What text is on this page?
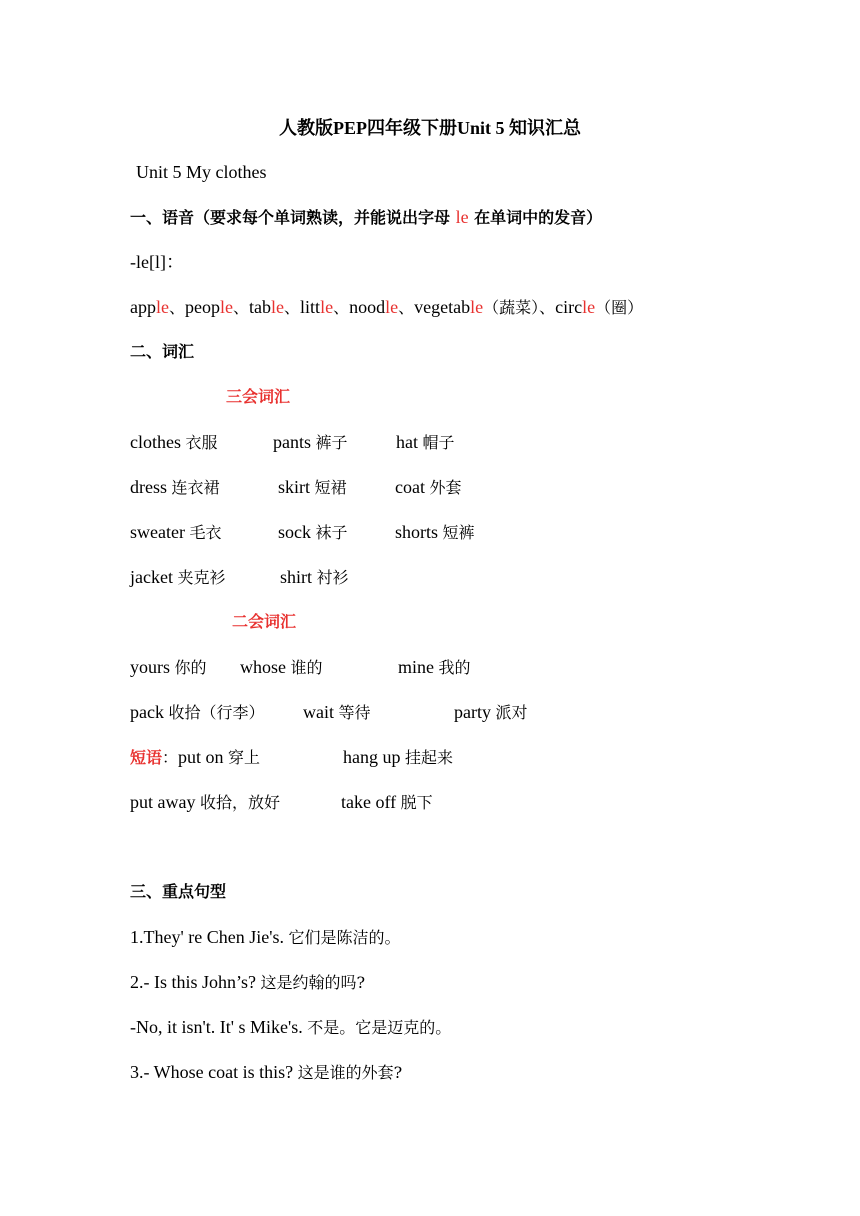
人教版PEP四年级下册Unit 5 知识汇总
Unit 5 My clothes
一、语音（要求每个单词熟读，并能说出字母 le 在单词中的发音）
-le[l]：
apple、people、table、little、noodle、vegetable（蔬菜）、circle（圈）
二、词汇
三会词汇
clothes 衣服	pants 裤子	hat 帽子
dress 连衣裙	skirt 短裙	coat 外套
sweater 毛衣	sock 袜子	shorts 短裤
jacket 夹克衫	shirt 衬衫
二会词汇
yours 你的 whose 谁的	mine 我的
pack 收拾（行李） wait 等待	party 派对
短语：put on 穿上	hang up 挂起来
put away 收拾，放好	take off 脱下
三、重点句型
1.They' re Chen Jie's. 它们是陈洁的。
2.- Is this John’s? 这是约翰的吗?
-No, it isn't. It' s Mike's. 不是。它是迈克的。
3.- Whose coat is this? 这是谁的外套?
